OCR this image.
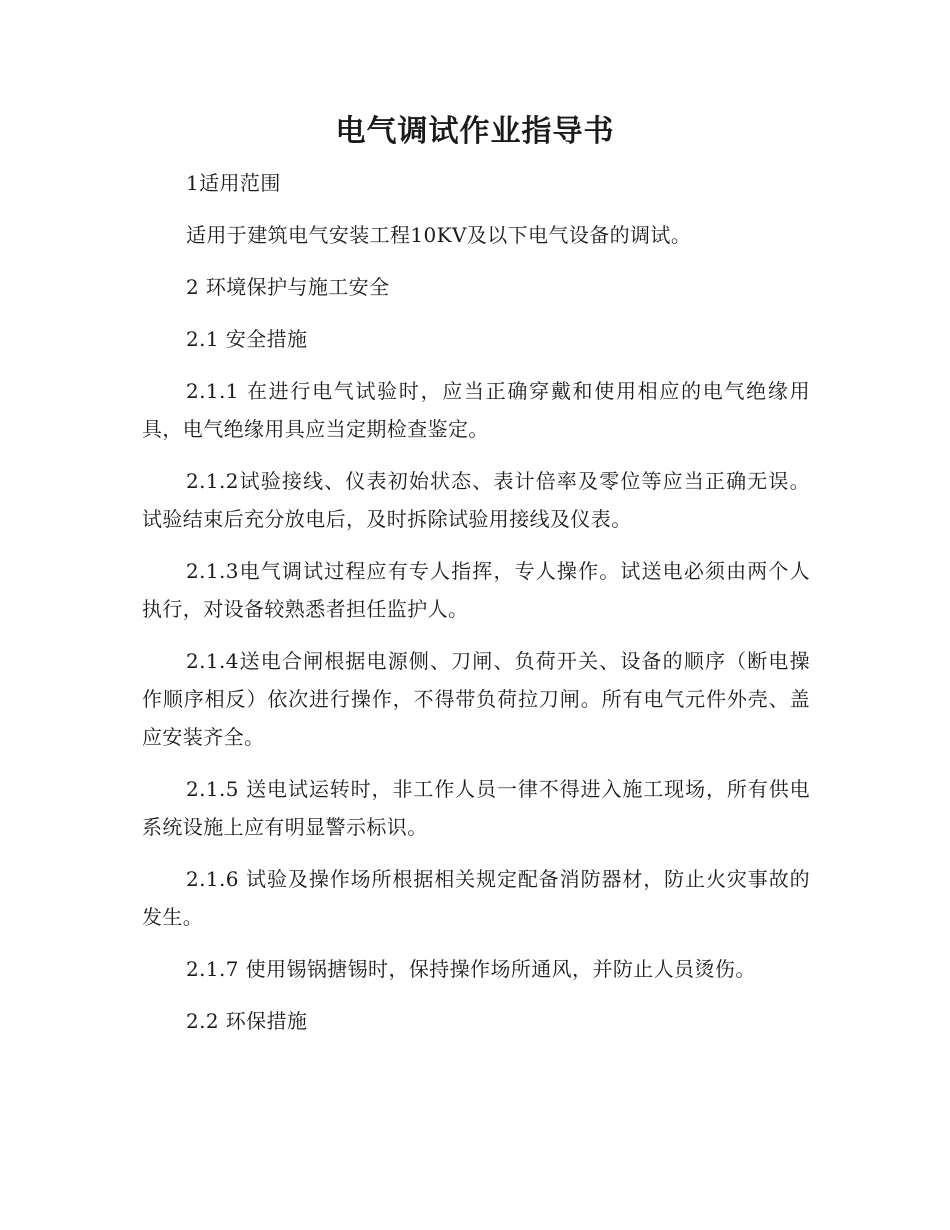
电气调试作业指导书

1适用范围

适用于建筑电气安装工程10KV及以下电气设备的调试。

2 环境保护与施工安全

2.1 安全措施

2.1.1 在进行电气试验时，应当正确穿戴和使用相应的电气绝缘用具，电气绝缘用具应当定期检查鉴定。

2.1.2试验接线、仪表初始状态、表计倍率及零位等应当正确无误。试验结束后充分放电后，及时拆除试验用接线及仪表。

2.1.3电气调试过程应有专人指挥，专人操作。试送电必须由两个人执行，对设备较熟悉者担任监护人。

2.1.4送电合闸根据电源侧、刀闸、负荷开关、设备的顺序（断电操作顺序相反）依次进行操作，不得带负荷拉刀闸。所有电气元件外壳、盖应安装齐全。

2.1.5 送电试运转时，非工作人员一律不得进入施工现场，所有供电系统设施上应有明显警示标识。

2.1.6 试验及操作场所根据相关规定配备消防器材，防止火灾事故的发生。

2.1.7 使用锡锅搪锡时，保持操作场所通风，并防止人员烫伤。

2.2 环保措施
